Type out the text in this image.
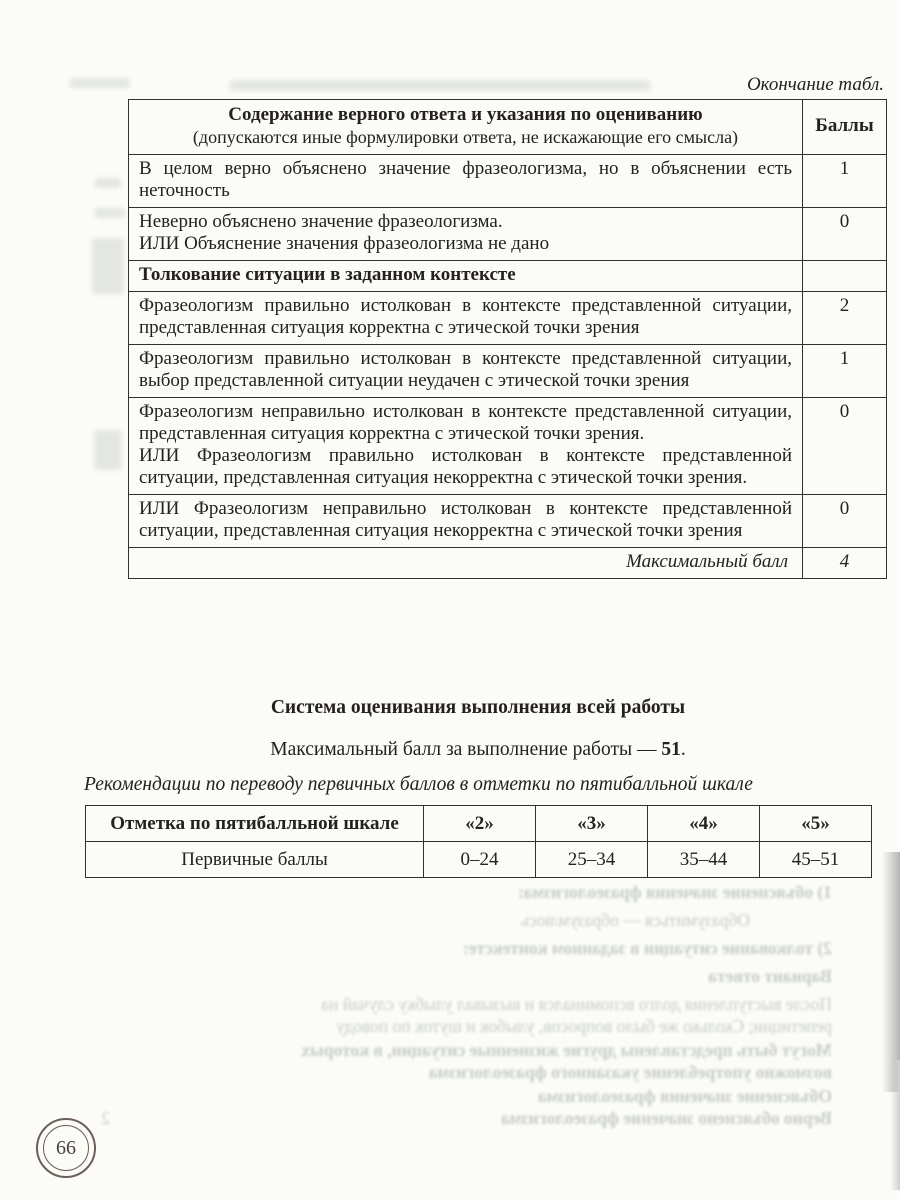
1) объяснение значения фразеологизма:
Образумиться — образумлюсь
2) толкование ситуации в заданном контексте:
Вариант ответа
После выступления долго вспоминался и вызывал улыбку случай на
репетиции; Сколько же было вопросов, улыбок и шуток по поводу
Могут быть представлены другие жизненные ситуации, в которых
возможно употребление указанного фразеологизма
Объяснение значения фразеологизма
Верно объяснено значение фразеологизма
2
Окончание табл.
Содержание верного ответа и указания по оцениванию
(допускаются иные формулировки ответа, не искажающие его смысла)	Баллы

В целом верно объяснено значение фразеологизма, но в объяснении есть неточность	1

Неверно объяснено значение фразеологизма.

ИЛИ Объяснение значения фразеологизма не дано	0
Толкование ситуации в заданном контексте	

Фразеологизм правильно истолкован в контексте представленной ситуации, представленная ситуация корректна с этической точки зрения	2

Фразеологизм правильно истолкован в контексте представленной ситуации, выбор представленной ситуации неудачен с этической точки зрения	1

Фразеологизм неправильно истолкован в контексте представленной ситуации, представленная ситуация корректна с этической точки зрения.

ИЛИ Фразеологизм правильно истолкован в контексте представленной ситуации, представленная ситуация некорректна с этической точки зрения.	0

ИЛИ Фразеологизм неправильно истолкован в контексте представленной ситуации, представленная ситуация некорректна с этической точки зрения	0
Максимальный балл	4
Система оценивания выполнения всей работы
Максимальный балл за выполнение работы — 51.
Рекомендации по переводу первичных баллов в отметки по пятибалльной шкале
Отметка по пятибалльной шкале	«2»	«3»	«4»	«5»
Первичные баллы	0–24	25–34	35–44	45–51
66
